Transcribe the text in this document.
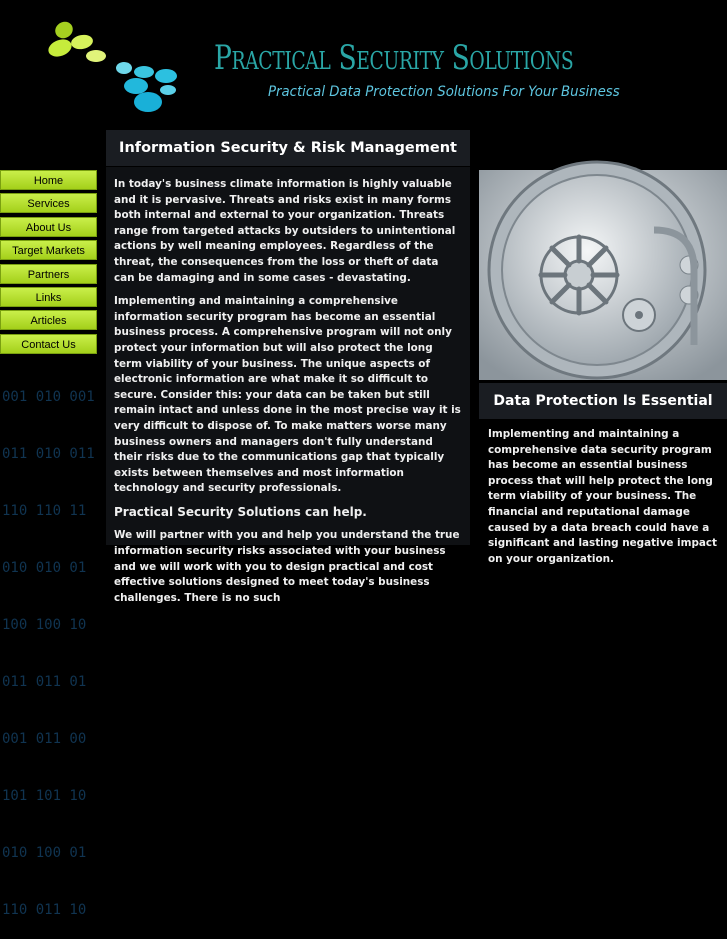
001 010 001

011 010 011

110 110 11

010 010 01

100 100 10

011 011 01

001 011 00

101 101 10

010 100 01

110 011 10

Practical Security Solutions
Practical Data Protection Solutions For Your Business
Home
Services
About Us
Target Markets
Partners
Links
Articles
Contact Us
Information Security & Risk Management

In today's business climate information is highly valuable and it is pervasive. Threats and risks exist in many forms both internal and external to your organization. Threats range from targeted attacks by outsiders to unintentional actions by well meaning employees. Regardless of the threat, the consequences from the loss or theft of data can be damaging and in some cases - devastating.

Implementing and maintaining a comprehensive information security program has become an essential business process. A comprehensive program will not only protect your information but will also protect the long term viability of your business. The unique aspects of electronic information are what make it so difficult to secure. Consider this: your data can be taken but still remain intact and unless done in the most precise way it is very difficult to dispose of. To make matters worse many business owners and managers don't fully understand their risks due to the communications gap that typically exists between themselves and most information technology and security professionals.

Practical Security Solutions can help.

We will partner with you and help you understand the true information security risks associated with your business and we will work with you to design practical and cost effective solutions designed to meet today's business challenges. There is no such

Data Protection Is Essential
Implementing and maintaining a comprehensive data security program has become an essential business process that will help protect the long term viability of your business. The financial and reputational damage caused by a data breach could have a significant and lasting negative impact on your organization.
